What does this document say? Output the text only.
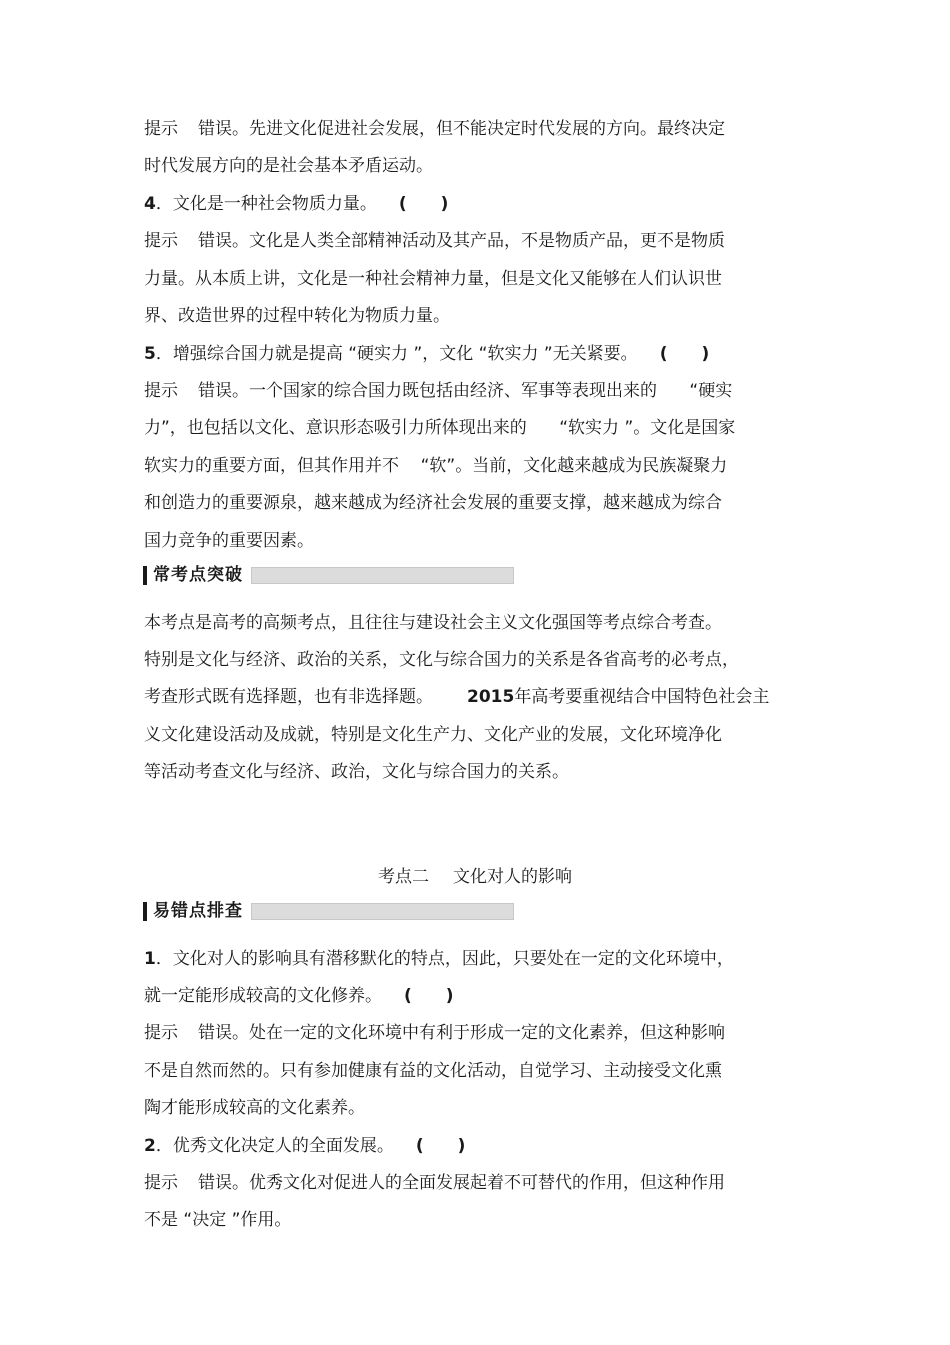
提示 错误。先进文化促进社会发展，但不能决定时代发展的方向。最终决定
时代发展方向的是社会基本矛盾运动。
4．文化是一种社会物质力量。 (　　)
提示 错误。文化是人类全部精神活动及其产品，不是物质产品，更不是物质
力量。从本质上讲，文化是一种社会精神力量，但是文化又能够在人们认识世
界、改造世界的过程中转化为物质力量。
5．增强综合国力就是提高 “硬实力 ”，文化 “软实力 ”无关紧要。 (　　)
提示 错误。一个国家的综合国力既包括由经济、军事等表现出来的      “硬实
力”，也包括以文化、意识形态吸引力所体现出来的      “软实力 ”。文化是国家
软实力的重要方面，但其作用并不    “软”。当前，文化越来越成为民族凝聚力
和创造力的重要源泉，越来越成为经济社会发展的重要支撑，越来越成为综合
国力竞争的重要因素。
常考点突破
本考点是高考的高频考点，且往往与建设社会主义文化强国等考点综合考查。
特别是文化与经济、政治的关系，文化与综合国力的关系是各省高考的必考点，
考查形式既有选择题，也有非选择题。 2015年高考要重视结合中国特色社会主
义文化建设活动及成就，特别是文化生产力、文化产业的发展，文化环境净化
等活动考查文化与经济、政治，文化与综合国力的关系。
考点二 文化对人的影响
易错点排查
1．文化对人的影响具有潜移默化的特点，因此，只要处在一定的文化环境中，
就一定能形成较高的文化修养。 (　　)
提示 错误。处在一定的文化环境中有利于形成一定的文化素养，但这种影响
不是自然而然的。只有参加健康有益的文化活动，自觉学习、主动接受文化熏
陶才能形成较高的文化素养。
2．优秀文化决定人的全面发展。 (　　)
提示 错误。优秀文化对促进人的全面发展起着不可替代的作用，但这种作用
不是 “决定 ”作用。
